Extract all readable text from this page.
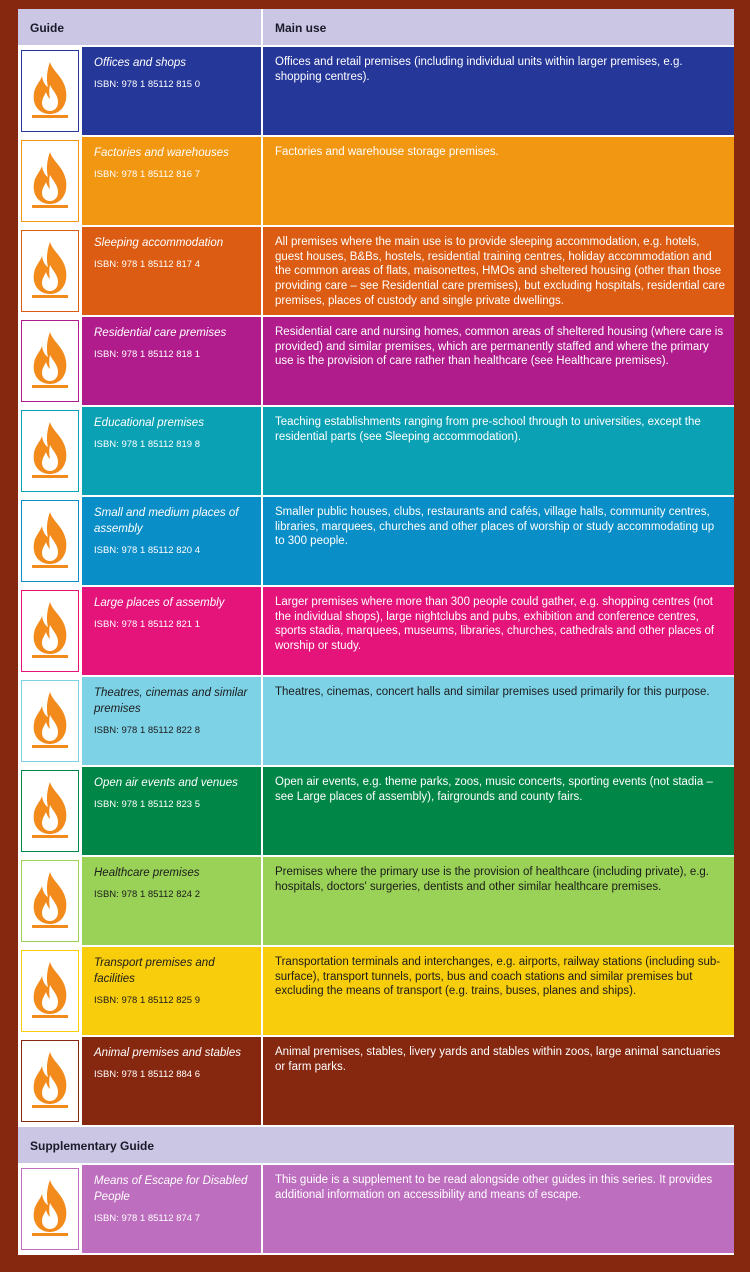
Guide	Main use
Offices and shops
ISBN: 978 1 85112 815 0
Offices and retail premises (including individual units within larger premises, e.g. shopping centres).
Factories and warehouses
ISBN: 978 1 85112 816 7
Factories and warehouse storage premises.
Sleeping accommodation
ISBN: 978 1 85112 817 4
All premises where the main use is to provide sleeping accommodation, e.g. hotels, guest houses, B&Bs, hostels, residential training centres, holiday accommodation and the common areas of flats, maisonettes, HMOs and sheltered housing (other than those providing care – see Residential care premises), but excluding hospitals, residential care premises, places of custody and single private dwellings.
Residential care premises
ISBN: 978 1 85112 818 1
Residential care and nursing homes, common areas of sheltered housing (where care is provided) and similar premises, which are permanently staffed and where the primary use is the provision of care rather than healthcare (see Healthcare premises).
Educational premises
ISBN: 978 1 85112 819 8
Teaching establishments ranging from pre-school through to universities, except the residential parts (see Sleeping accommodation).
Small and medium places of assembly
ISBN: 978 1 85112 820 4
Smaller public houses, clubs, restaurants and cafés, village halls, community centres, libraries, marquees, churches and other places of worship or study accommodating up to 300 people.
Large places of assembly
ISBN: 978 1 85112 821 1
Larger premises where more than 300 people could gather, e.g. shopping centres (not the individual shops), large nightclubs and pubs, exhibition and conference centres, sports stadia, marquees, museums, libraries, churches, cathedrals and other places of worship or study.
Theatres, cinemas and similar premises
ISBN: 978 1 85112 822 8
Theatres, cinemas, concert halls and similar premises used primarily for this purpose.
Open air events and venues
ISBN: 978 1 85112 823 5
Open air events, e.g. theme parks, zoos, music concerts, sporting events (not stadia – see Large places of assembly), fairgrounds and county fairs.
Healthcare premises
ISBN: 978 1 85112 824 2
Premises where the primary use is the provision of healthcare (including private), e.g. hospitals, doctors' surgeries, dentists and other similar healthcare premises.
Transport premises and facilities
ISBN: 978 1 85112 825 9
Transportation terminals and interchanges, e.g. airports, railway stations (including sub-surface), transport tunnels, ports, bus and coach stations and similar premises but excluding the means of transport (e.g. trains, buses, planes and ships).
Animal premises and stables
ISBN: 978 1 85112 884 6
Animal premises, stables, livery yards and stables within zoos, large animal sanctuaries or farm parks.
Supplementary Guide
Means of Escape for Disabled People
ISBN: 978 1 85112 874 7
This guide is a supplement to be read alongside other guides in this series. It provides additional information on accessibility and means of escape.
